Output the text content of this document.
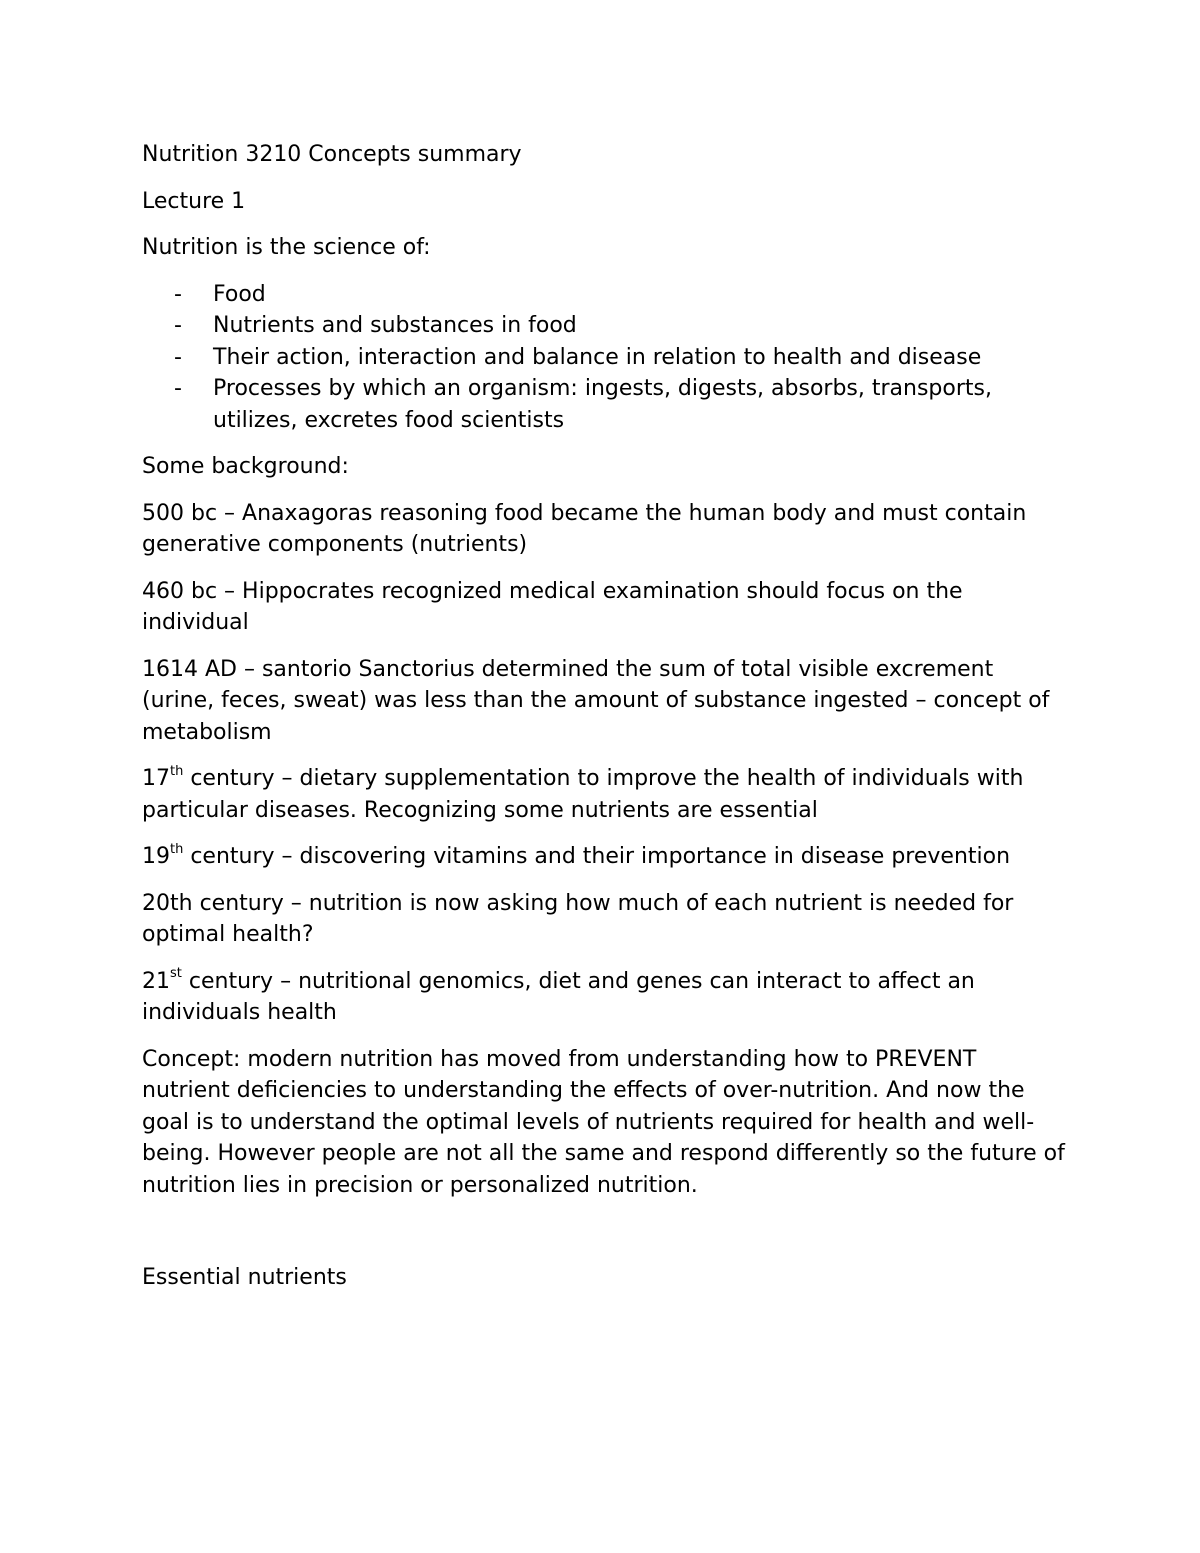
Nutrition 3210 Concepts summary

Lecture 1

Nutrition is the science of:

- Food
- Nutrients and substances in food
- Their action, interaction and balance in relation to health and disease
- Processes by which an organism: ingests, digests, absorbs, transports, utilizes, excretes food scientists

Some background:

500 bc – Anaxagoras reasoning food became the human body and must contain generative components (nutrients)

460 bc – Hippocrates recognized medical examination should focus on the individual

1614 AD – santorio Sanctorius determined the sum of total visible excrement (urine, feces, sweat) was less than the amount of substance ingested – concept of metabolism

17th century – dietary supplementation to improve the health of individuals with particular diseases. Recognizing some nutrients are essential

19th century – discovering vitamins and their importance in disease prevention

20th century – nutrition is now asking how much of each nutrient is needed for optimal health?

21st century – nutritional genomics, diet and genes can interact to affect an individuals health

Concept: modern nutrition has moved from understanding how to PREVENT nutrient deficiencies to understanding the effects of over-nutrition. And now the goal is to understand the optimal levels of nutrients required for health and well-being. However people are not all the same and respond differently so the future of nutrition lies in precision or personalized nutrition.

Essential nutrients
